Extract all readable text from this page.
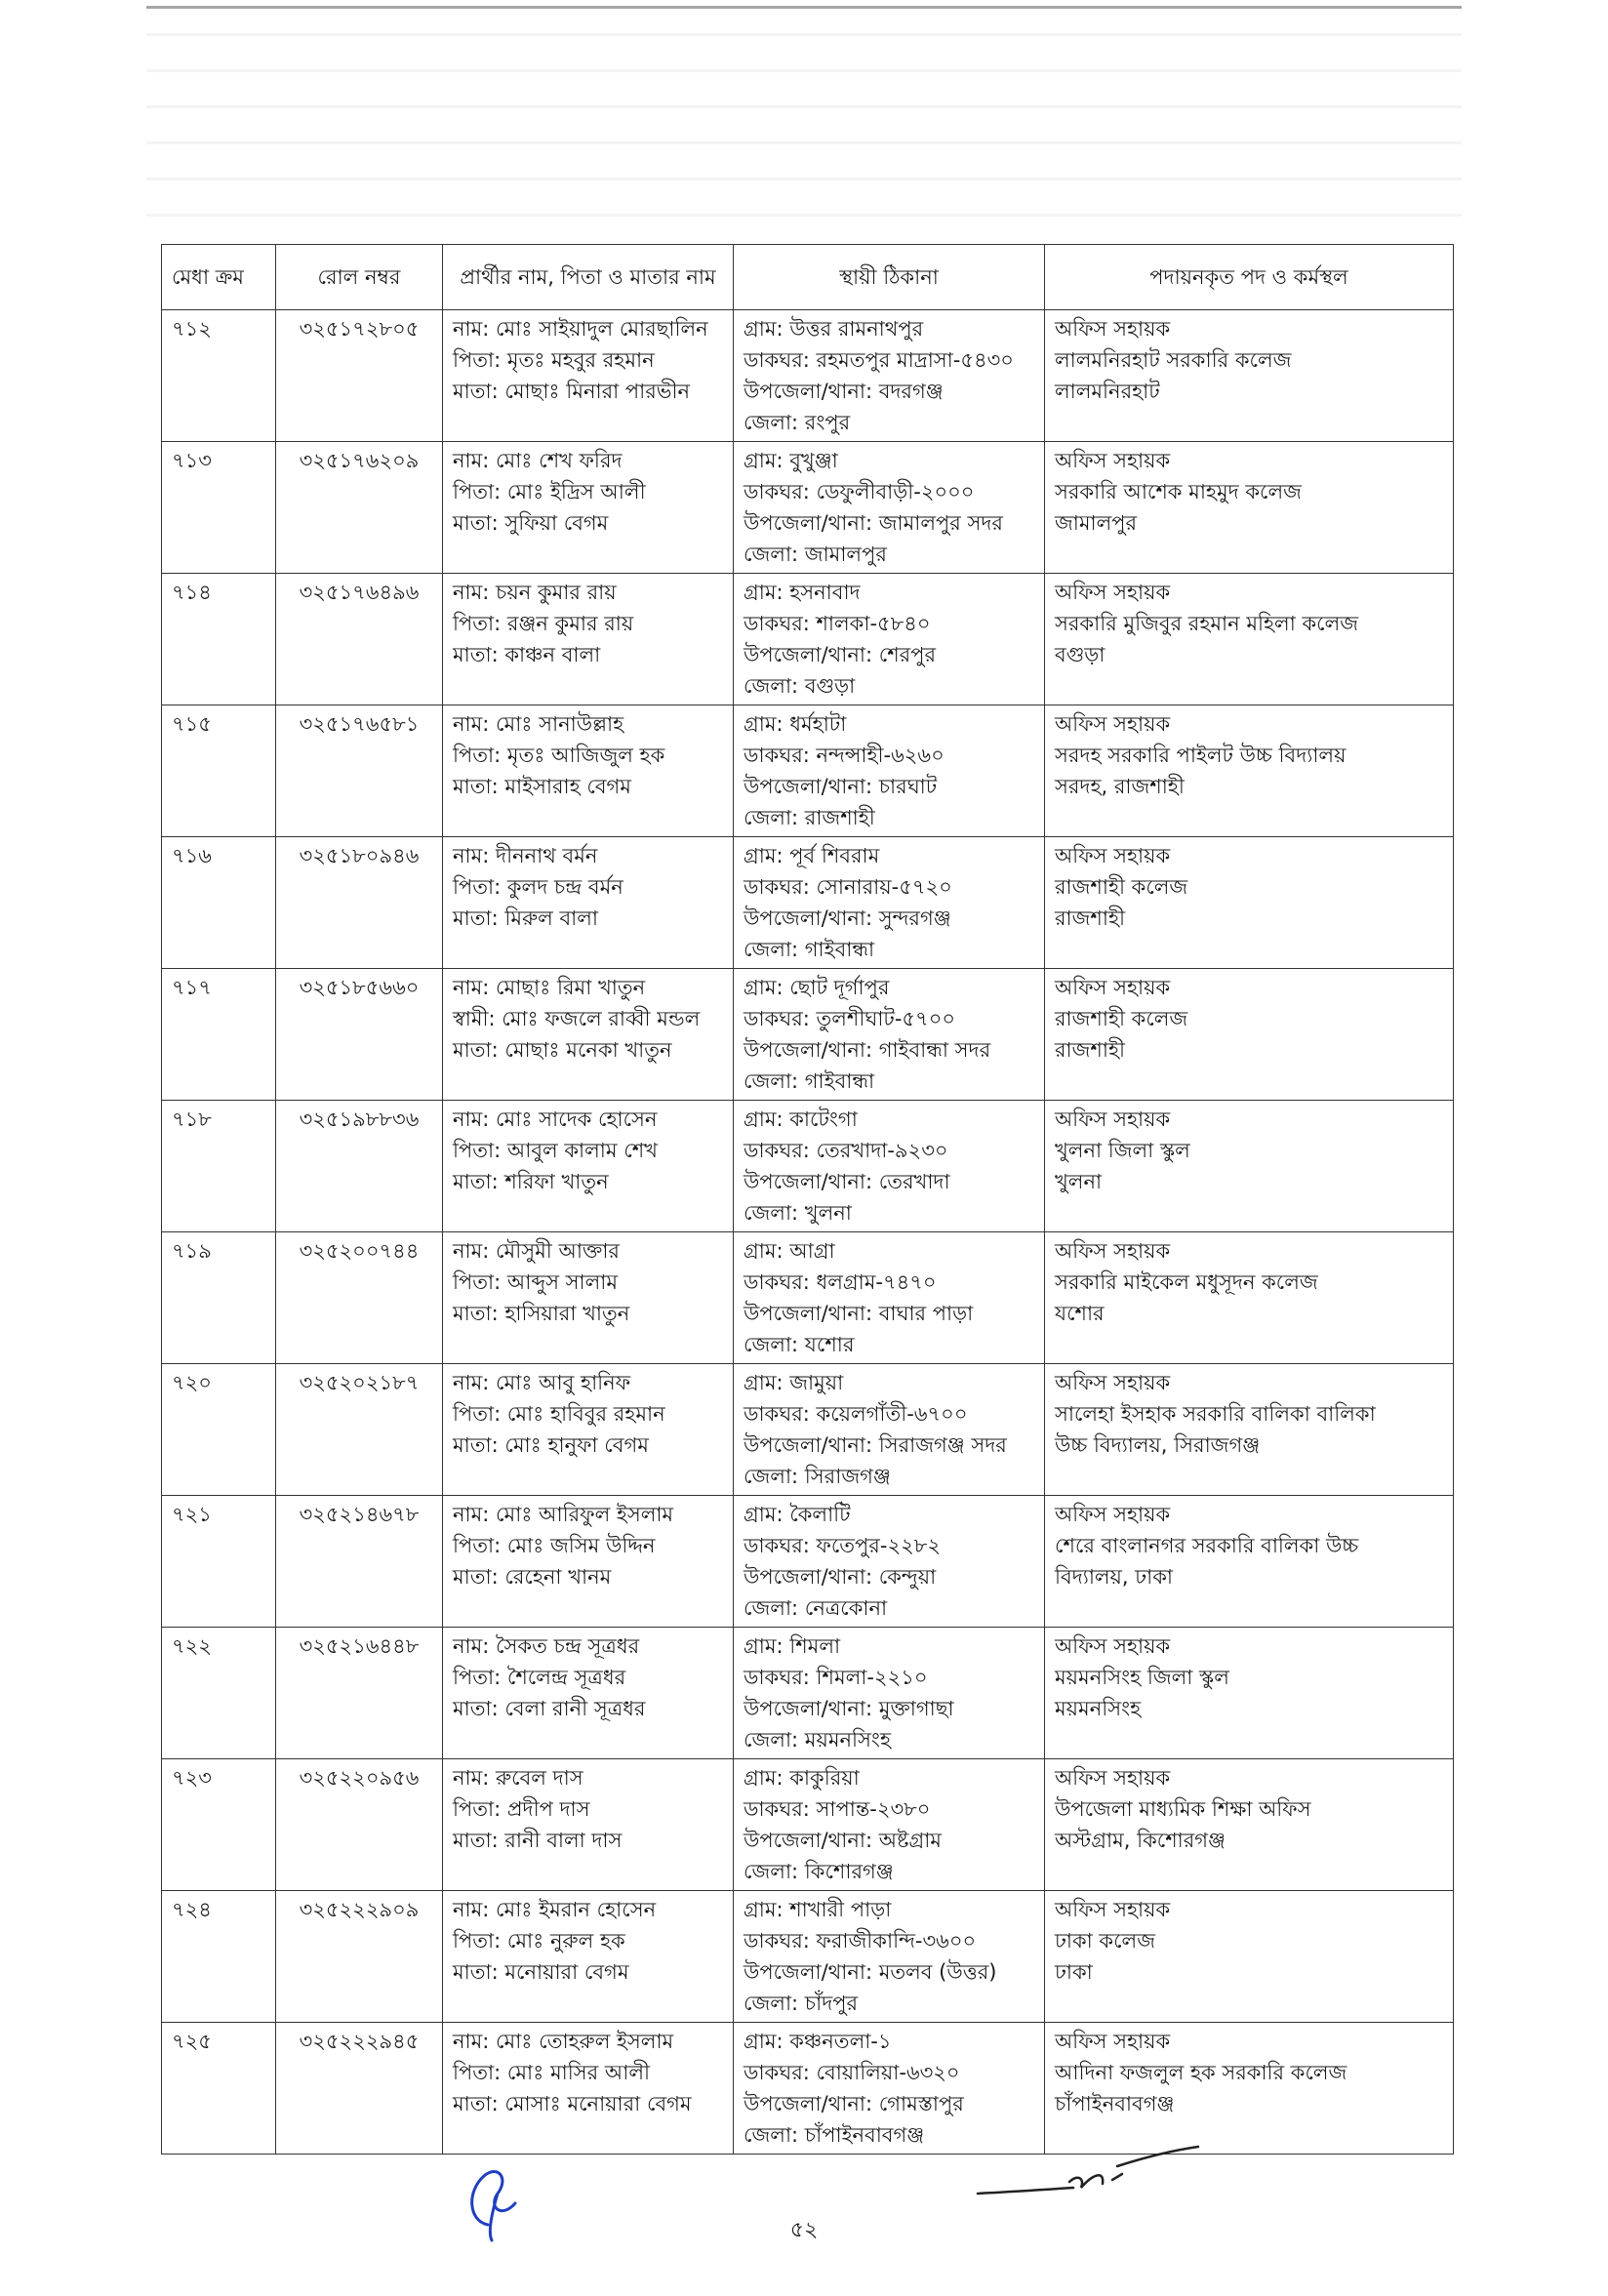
মেধা ক্রম	রোল নম্বর	প্রার্থীর নাম, পিতা ও মাতার নাম	স্থায়ী ঠিকানা	পদায়নকৃত পদ ও কর্মস্থল
৭১২	৩২৫১৭২৮০৫	নাম: মোঃ সাইয়াদুল মোরছালিন
পিতা: মৃতঃ মহবুর রহমান
মাতা: মোছাঃ মিনারা পারভীন	গ্রাম: উত্তর রামনাথপুর
ডাকঘর: রহমতপুর মাদ্রাসা-৫৪৩০
উপজেলা/থানা: বদরগঞ্জ
জেলা: রংপুর	অফিস সহায়ক
লালমনিরহাট সরকারি কলেজ
লালমনিরহাট

৭১৩	৩২৫১৭৬২০৯	নাম: মোঃ শেখ ফরিদ
পিতা: মোঃ ইদ্রিস আলী
মাতা: সুফিয়া বেগম	গ্রাম: বুখুঞ্জা
ডাকঘর: ডেফুলীবাড়ী-২০০০
উপজেলা/থানা: জামালপুর সদর
জেলা: জামালপুর	অফিস সহায়ক
সরকারি আশেক মাহমুদ কলেজ
জামালপুর

৭১৪	৩২৫১৭৬৪৯৬	নাম: চয়ন কুমার রায়
পিতা: রঞ্জন কুমার রায়
মাতা: কাঞ্চন বালা	গ্রাম: হসনাবাদ
ডাকঘর: শালকা-৫৮৪০
উপজেলা/থানা: শেরপুর
জেলা: বগুড়া	অফিস সহায়ক
সরকারি মুজিবুর রহমান মহিলা কলেজ
বগুড়া

৭১৫	৩২৫১৭৬৫৮১	নাম: মোঃ সানাউল্লাহ
পিতা: মৃতঃ আজিজুল হক
মাতা: মাইসারাহ বেগম	গ্রাম: ধর্মহাটা
ডাকঘর: নন্দন্সাহী-৬২৬০
উপজেলা/থানা: চারঘাট
জেলা: রাজশাহী	অফিস সহায়ক
সরদহ সরকারি পাইলট উচ্চ বিদ্যালয়
সরদহ, রাজশাহী

৭১৬	৩২৫১৮০৯৪৬	নাম: দীননাথ বর্মন
পিতা: কুলদ চন্দ্র বর্মন
মাতা: মিরুল বালা	গ্রাম: পূর্ব শিবরাম
ডাকঘর: সোনারায়-৫৭২০
উপজেলা/থানা: সুন্দরগঞ্জ
জেলা: গাইবান্ধা	অফিস সহায়ক
রাজশাহী কলেজ
রাজশাহী

৭১৭	৩২৫১৮৫৬৬০	নাম: মোছাঃ রিমা খাতুন
স্বামী: মোঃ ফজলে রাব্বী মন্ডল
মাতা: মোছাঃ মনেকা খাতুন	গ্রাম: ছোট দূর্গাপুর
ডাকঘর: তুলশীঘাট-৫৭০০
উপজেলা/থানা: গাইবান্ধা সদর
জেলা: গাইবান্ধা	অফিস সহায়ক
রাজশাহী কলেজ
রাজশাহী

৭১৮	৩২৫১৯৮৮৩৬	নাম: মোঃ সাদেক হোসেন
পিতা: আবুল কালাম শেখ
মাতা: শরিফা খাতুন	গ্রাম: কাটেংগা
ডাকঘর: তেরখাদা-৯২৩০
উপজেলা/থানা: তেরখাদা
জেলা: খুলনা	অফিস সহায়ক
খুলনা জিলা স্কুল
খুলনা

৭১৯	৩২৫২০০৭৪৪	নাম: মৌসুমী আক্তার
পিতা: আব্দুস সালাম
মাতা: হাসিয়ারা খাতুন	গ্রাম: আগ্রা
ডাকঘর: ধলগ্রাম-৭৪৭০
উপজেলা/থানা: বাঘার পাড়া
জেলা: যশোর	অফিস সহায়ক
সরকারি মাইকেল মধুসূদন কলেজ
যশোর

৭২০	৩২৫২০২১৮৭	নাম: মোঃ আবু হানিফ
পিতা: মোঃ হাবিবুর রহমান
মাতা: মোঃ হানুফা বেগম	গ্রাম: জামুয়া
ডাকঘর: কয়েলগাঁতী-৬৭০০
উপজেলা/থানা: সিরাজগঞ্জ সদর
জেলা: সিরাজগঞ্জ	অফিস সহায়ক
সালেহা ইসহাক সরকারি বালিকা বালিকা
উচ্চ বিদ্যালয়, সিরাজগঞ্জ

৭২১	৩২৫২১৪৬৭৮	নাম: মোঃ আরিফুল ইসলাম
পিতা: মোঃ জসিম উদ্দিন
মাতা: রেহেনা খানম	গ্রাম: কৈলাটি
ডাকঘর: ফতেপুর-২২৮২
উপজেলা/থানা: কেন্দুয়া
জেলা: নেত্রকোনা	অফিস সহায়ক
শেরে বাংলানগর সরকারি বালিকা উচ্চ
বিদ্যালয়, ঢাকা

৭২২	৩২৫২১৬৪৪৮	নাম: সৈকত চন্দ্র সূত্রধর
পিতা: শৈলেন্দ্র সূত্রধর
মাতা: বেলা রানী সূত্রধর	গ্রাম: শিমলা
ডাকঘর: শিমলা-২২১০
উপজেলা/থানা: মুক্তাগাছা
জেলা: ময়মনসিংহ	অফিস সহায়ক
ময়মনসিংহ জিলা স্কুল
ময়মনসিংহ

৭২৩	৩২৫২২০৯৫৬	নাম: রুবেল দাস
পিতা: প্রদীপ দাস
মাতা: রানী বালা দাস	গ্রাম: কাকুরিয়া
ডাকঘর: সাপান্ত-২৩৮০
উপজেলা/থানা: অষ্টগ্রাম
জেলা: কিশোরগঞ্জ	অফিস সহায়ক
উপজেলা মাধ্যমিক শিক্ষা অফিস
অস্টগ্রাম, কিশোরগঞ্জ

৭২৪	৩২৫২২২৯০৯	নাম: মোঃ ইমরান হোসেন
পিতা: মোঃ নুরুল হক
মাতা: মনোয়ারা বেগম	গ্রাম: শাখারী পাড়া
ডাকঘর: ফরাজীকান্দি-৩৬০০
উপজেলা/থানা: মতলব (উত্তর)
জেলা: চাঁদপুর	অফিস সহায়ক
ঢাকা কলেজ
ঢাকা

৭২৫	৩২৫২২২৯৪৫	নাম: মোঃ তোহরুল ইসলাম
পিতা: মোঃ মাসির আলী
মাতা: মোসাঃ মনোয়ারা বেগম	গ্রাম: কঞ্চনতলা-১
ডাকঘর: বোয়ালিয়া-৬৩২০
উপজেলা/থানা: গোমস্তাপুর
জেলা: চাঁপাইনবাবগঞ্জ	অফিস সহায়ক
আদিনা ফজলুল হক সরকারি কলেজ
চাঁপাইনবাবগঞ্জ
৫২
